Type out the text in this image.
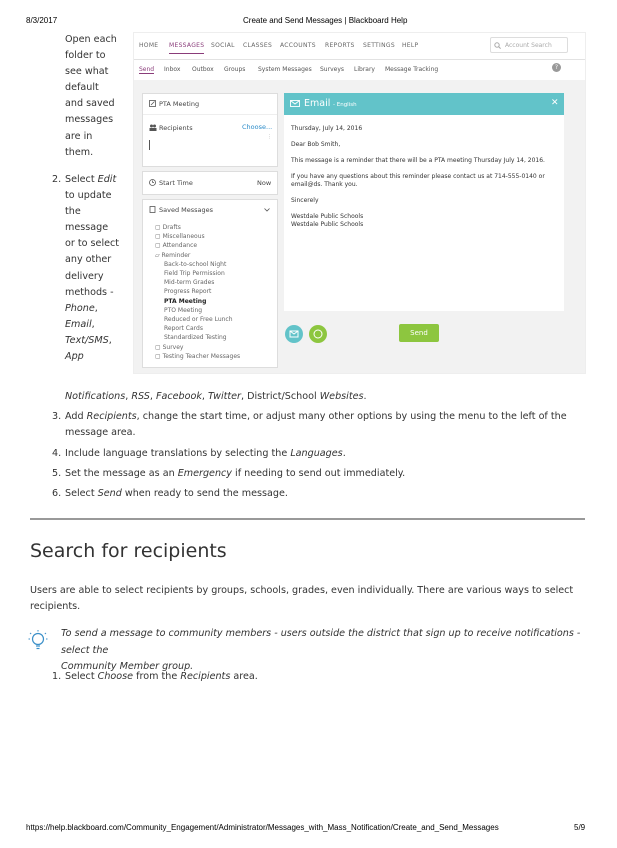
8/3/2017	Create and Send Messages | Blackboard Help
Open each
folder to
see what
default
and saved
messages
are in
them.
2. Select Edit
to update
the
message
or to select
any other
delivery
methods -
Phone,
Email,
Text/SMS,
App
HOME MESSAGES SOCIAL CLASSES ACCOUNTS REPORTS SETTINGS HELP	Account Search
Send Inbox Outbox Groups System Messages Surveys Library Message Tracking	?
PTA Meeting
Recipients	Choose...
⋮
Start Time	Now
Saved Messages
▢ Drafts
▢ Miscellaneous
▢ Attendance
▱ Reminder
Back-to-school Night
Field Trip Permission
Mid-term Grades
Progress Report
PTA Meeting
PTO Meeting
Reduced or Free Lunch
Report Cards
Standardized Testing
▢ Survey
▢ Testing Teacher Messages
Email - English	✕
Thursday, July 14, 2016
Dear Bob Smith,
This message is a reminder that there will be a PTA meeting Thursday July 14, 2016.
If you have any questions about this reminder please contact us at 714-555-0140 or
email@ds. Thank you.
Sincerely
Westdale Public Schools
Westdale Public Schools
Send
Notifications, RSS, Facebook, Twitter, District/School Websites.
3. Add Recipients, change the start time, or adjust many other options by using the menu to the left of the
message area.
4. Include language translations by selecting the Languages.
5. Set the message as an Emergency if needing to send out immediately.
6. Select Send when ready to send the message.
Search for recipients
Users are able to select recipients by groups, schools, grades, even individually. There are various ways to select
recipients.
To send a message to community members - users outside the district that sign up to receive notifications - select the
Community Member group.
1. Select Choose from the Recipients area.
https://help.blackboard.com/Community_Engagement/Administrator/Messages_with_Mass_Notification/Create_and_Send_Messages	5/9
